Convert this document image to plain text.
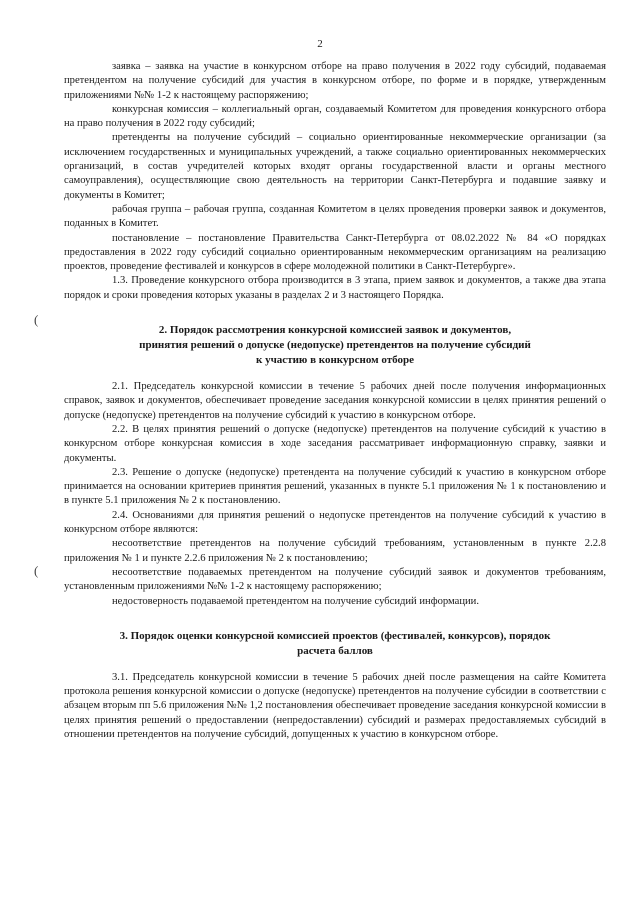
2
(
(

заявка – заявка на участие в конкурсном отборе на право получения в 2022 году субсидий, подаваемая претендентом на получение субсидий для участия в конкурсном отборе, по форме и в порядке, утвержденным приложениями №№ 1-2 к настоящему распоряжению;

конкурсная комиссия – коллегиальный орган, создаваемый Комитетом для проведения конкурсного отбора на право получения в 2022 году субсидий;

претенденты на получение субсидий – социально ориентированные некоммерческие организации (за исключением государственных и муниципальных учреждений, а также социально ориентированных некоммерческих организаций, в состав учредителей которых входят органы государственной власти и органы местного самоуправления), осуществляющие свою деятельность на территории Санкт-Петербурга и подавшие заявку и документы в Комитет;

рабочая группа – рабочая группа, созданная Комитетом в целях проведения проверки заявок и документов, поданных в Комитет.

постановление – постановление Правительства Санкт-Петербурга от 08.02.2022 № 84 «О порядках предоставления в 2022 году субсидий социально ориентированным некоммерческим организациям на реализацию проектов, проведение фестивалей и конкурсов в сфере молодежной политики в Санкт-Петербурге».

1.3. Проведение конкурсного отбора производится в 3 этапа, прием заявок и документов, а также два этапа порядок и сроки проведения которых указаны в разделах 2 и 3 настоящего Порядка.

2. Порядок рассмотрения конкурсной комиссией заявок и документов,

принятия решений о допуске (недопуске) претендентов на получение субсидий

к участию в конкурсном отборе

2.1. Председатель конкурсной комиссии в течение 5 рабочих дней после получения информационных справок, заявок и документов, обеспечивает проведение заседания конкурсной комиссии в целях принятия решений о допуске (недопуске) претендентов на получение субсидий к участию в конкурсном отборе.

2.2. В целях принятия решений о допуске (недопуске) претендентов на получение субсидий к участию в конкурсном отборе конкурсная комиссия в ходе заседания рассматривает информационную справку, заявки и документы.

2.3. Решение о допуске (недопуске) претендента на получение субсидий к участию в конкурсном отборе принимается на основании критериев принятия решений, указанных в пункте 5.1 приложения № 1 к постановлению и в пункте 5.1 приложения № 2 к постановлению.

2.4. Основаниями для принятия решений о недопуске претендентов на получение субсидий к участию в конкурсном отборе являются:

несоответствие претендентов на получение субсидий требованиям, установленным в пункте 2.2.8 приложения № 1 и пункте 2.2.6 приложения № 2 к постановлению;

несоответствие подаваемых претендентом на получение субсидий заявок и документов требованиям, установленным приложениями №№ 1-2 к настоящему распоряжению;

недостоверность подаваемой претендентом на получение субсидий информации.

3. Порядок оценки конкурсной комиссией проектов (фестивалей, конкурсов), порядок

расчета баллов

3.1. Председатель конкурсной комиссии в течение 5 рабочих дней после размещения на сайте Комитета протокола решения конкурсной комиссии о допуске (недопуске) претендентов на получение субсидии в соответствии с абзацем вторым пп 5.6 приложения №№ 1,2 постановления обеспечивает проведение заседания конкурсной комиссии в целях принятия решений о предоставлении (непредоставлении) субсидий и размерах предоставляемых субсидий в отношении претендентов на получение субсидий, допущенных к участию в конкурсном отборе.
